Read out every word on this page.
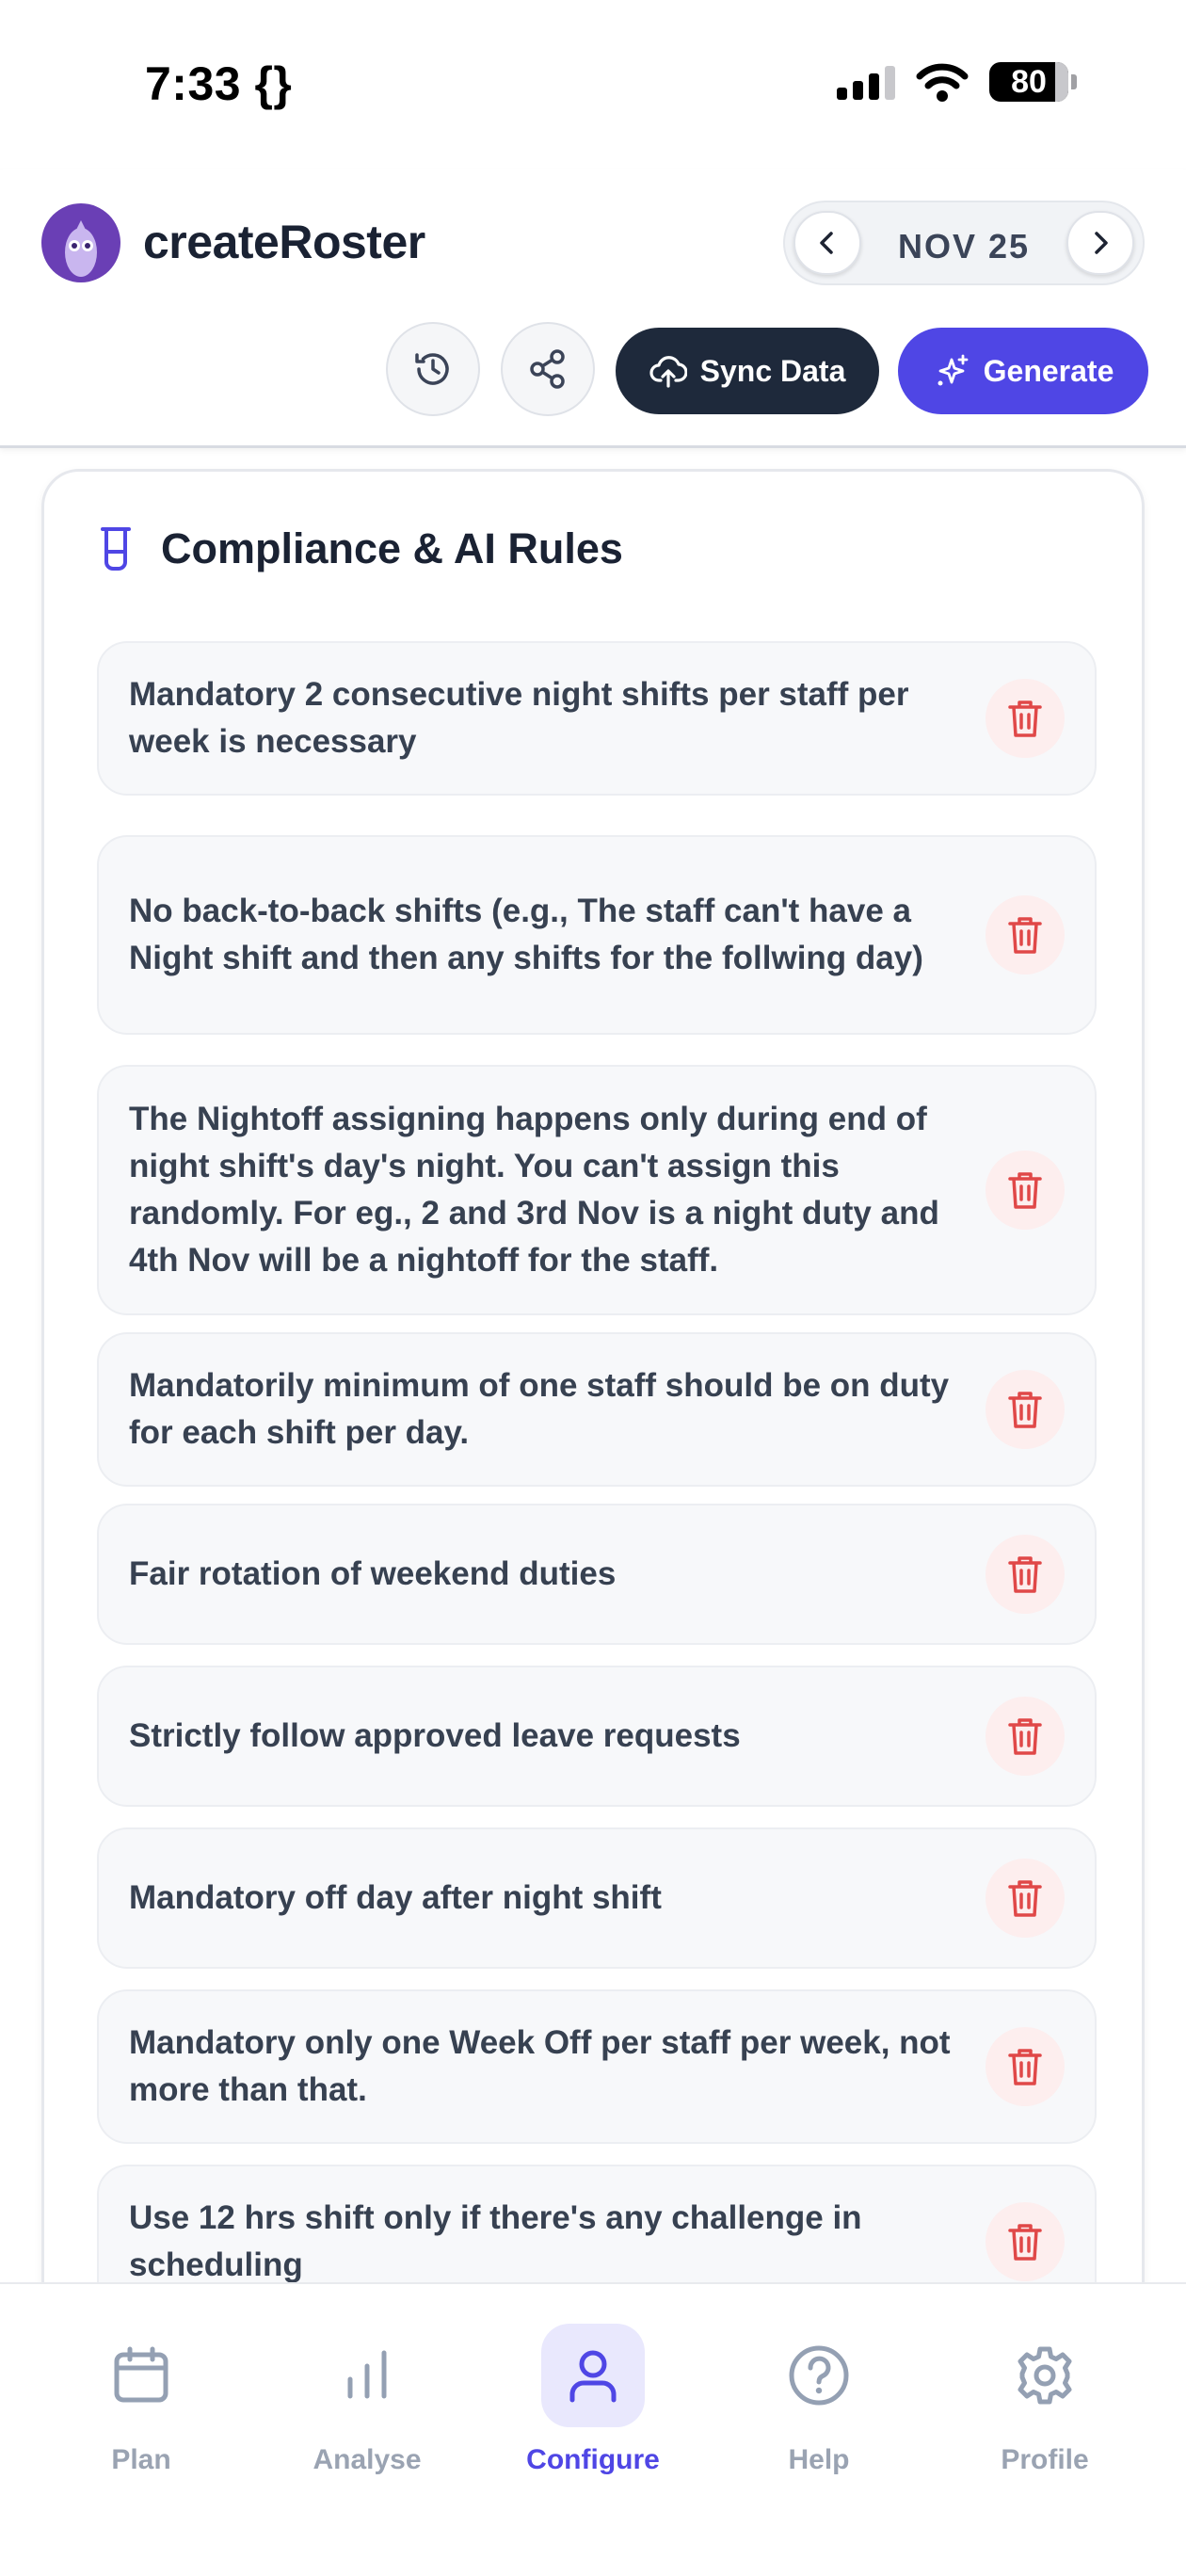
7:33 {}	80
createRoster	NOV 25
Sync Data	Generate
Compliance & AI Rules
Mandatory 2 consecutive night shifts per staff per week is necessary
No back-to-back shifts (e.g., The staff can't have a Night shift and then any shifts for the follwing day)
The Nightoff assigning happens only during end of night shift's day's night. You can't assign this randomly. For eg., 2 and 3rd Nov is a night duty and 4th Nov will be a nightoff for the staff.
Mandatorily minimum of one staff should be on duty for each shift per day.
Fair rotation of weekend duties
Strictly follow approved leave requests
Mandatory off day after night shift
Mandatory only one Week Off per staff per week, not more than that.
Use 12 hrs shift only if there's any challenge in scheduling
Plan	Analyse	Configure	Help	Profile
